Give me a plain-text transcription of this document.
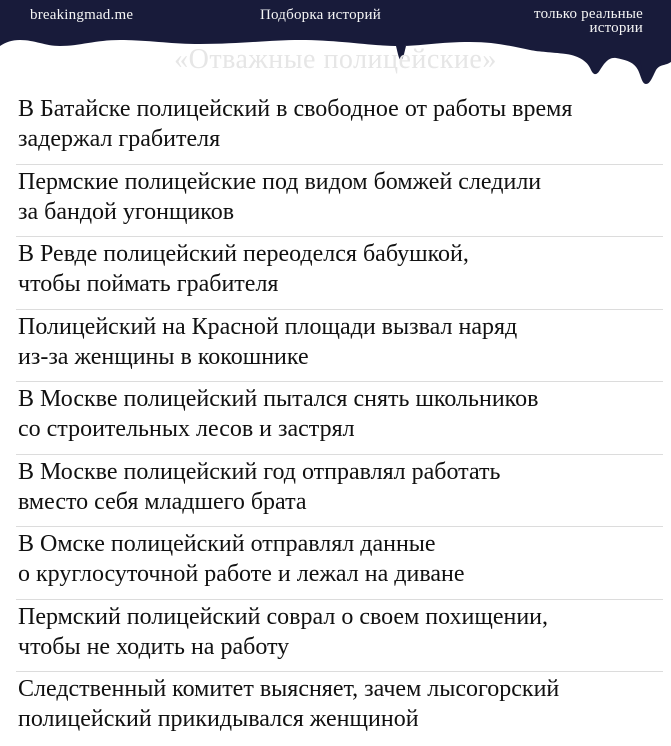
breakingmad.me	Подборка историй	только реальные истории
«Отважные полицейские»
В Батайске полицейский в свободное от работы время
задержал грабителя
Пермские полицейские под видом бомжей следили
за бандой угонщиков
В Ревде полицейский переоделся бабушкой,
чтобы поймать грабителя
Полицейский на Красной площади вызвал наряд
из-за женщины в кокошнике
В Москве полицейский пытался снять школьников
со строительных лесов и застрял
В Москве полицейский год отправлял работать
вместо себя младшего брата
В Омске полицейский отправлял данные
о круглосуточной работе и лежал на диване
Пермский полицейский соврал о своем похищении,
чтобы не ходить на работу
Следственный комитет выясняет, зачем лысогорский
полицейский прикидывался женщиной
